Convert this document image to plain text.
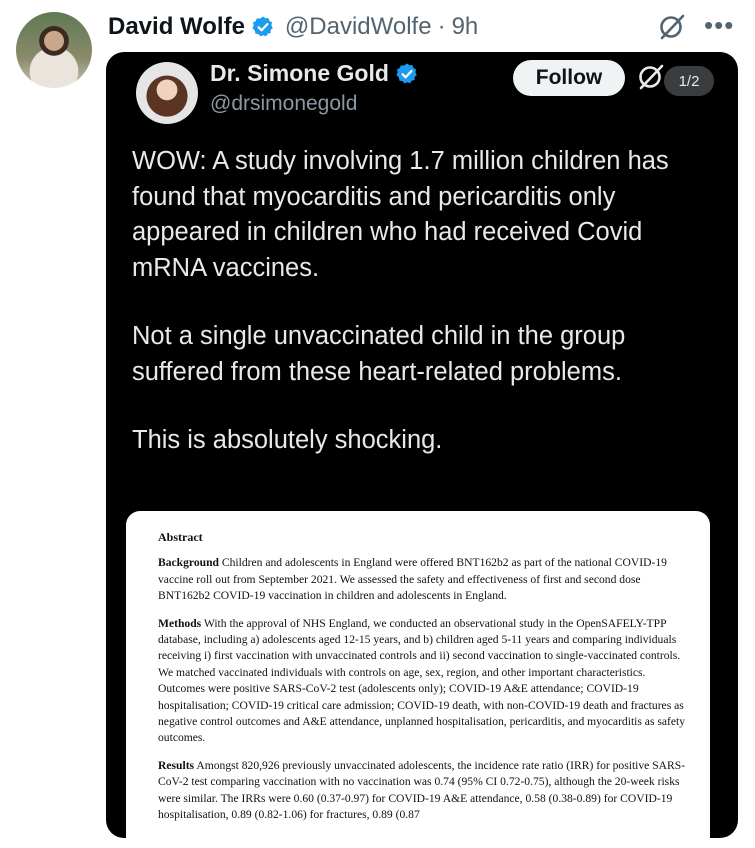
David Wolfe @DavidWolfe · 9h	•••
Dr. Simone Gold
@drsimonegold
Follow	1/2

WOW: A study involving 1.7 million children has found that myocarditis and pericarditis only appeared in children who had received Covid mRNA vaccines.

Not a single unvaccinated child in the group suffered from these heart-related problems.

This is absolutely shocking.

Abstract

Background Children and adolescents in England were offered BNT162b2 as part of the national COVID-19 vaccine roll out from September 2021. We assessed the safety and effectiveness of first and second dose BNT162b2 COVID-19 vaccination in children and adolescents in England.

Methods With the approval of NHS England, we conducted an observational study in the OpenSAFELY-TPP database, including a) adolescents aged 12-15 years, and b) children aged 5-11 years and comparing individuals receiving i) first vaccination with unvaccinated controls and ii) second vaccination to single-vaccinated controls. We matched vaccinated individuals with controls on age, sex, region, and other important characteristics. Outcomes were positive SARS-CoV-2 test (adolescents only); COVID-19 A&E attendance; COVID-19 hospitalisation; COVID-19 critical care admission; COVID-19 death, with non-COVID-19 death and fractures as negative control outcomes and A&E attendance, unplanned hospitalisation, pericarditis, and myocarditis as safety outcomes.

Results Amongst 820,926 previously unvaccinated adolescents, the incidence rate ratio (IRR) for positive SARS-CoV-2 test comparing vaccination with no vaccination was 0.74 (95% CI 0.72-0.75), although the 20-week risks were similar. The IRRs were 0.60 (0.37-0.97) for COVID-19 A&E attendance, 0.58 (0.38-0.89) for COVID-19 hospitalisation, 0.89 (0.82-1.06) for fractures, 0.89 (0.87
